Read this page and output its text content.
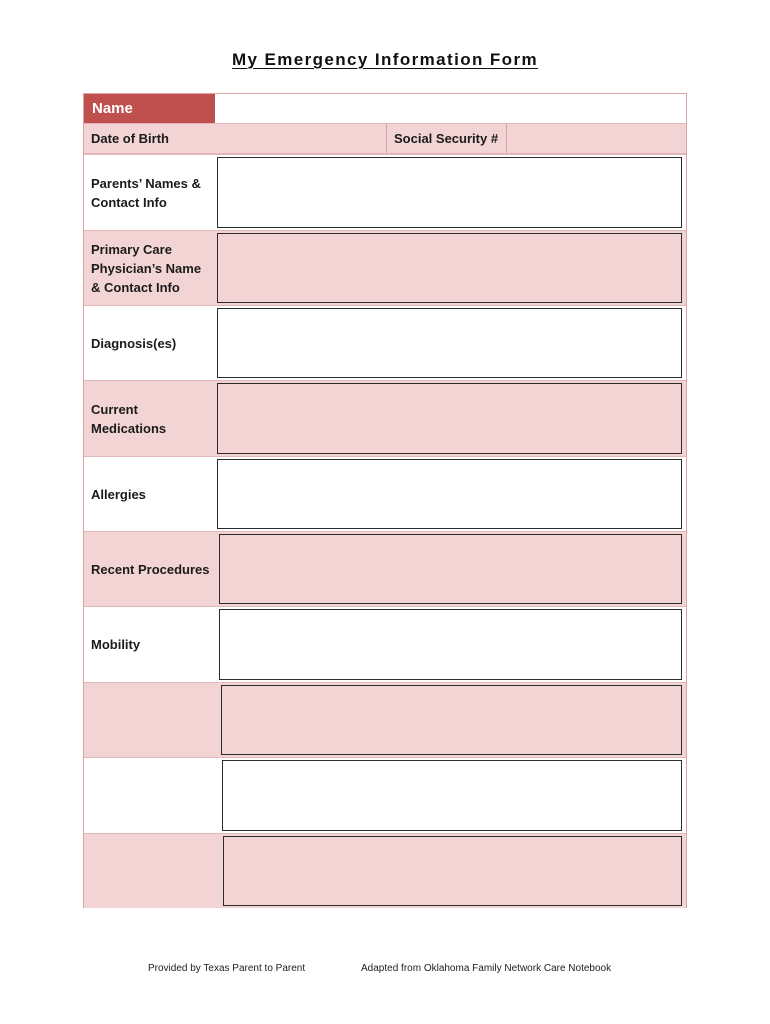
My Emergency Information Form
Name
Date of Birth	Social Security #
Parents’ Names & Contact Info
Primary Care Physician’s Name & Contact Info
Diagnosis(es)
Current Medications
Allergies
Recent Procedures
Mobility
Provided by Texas Parent to Parent	Adapted from Oklahoma Family Network Care Notebook
